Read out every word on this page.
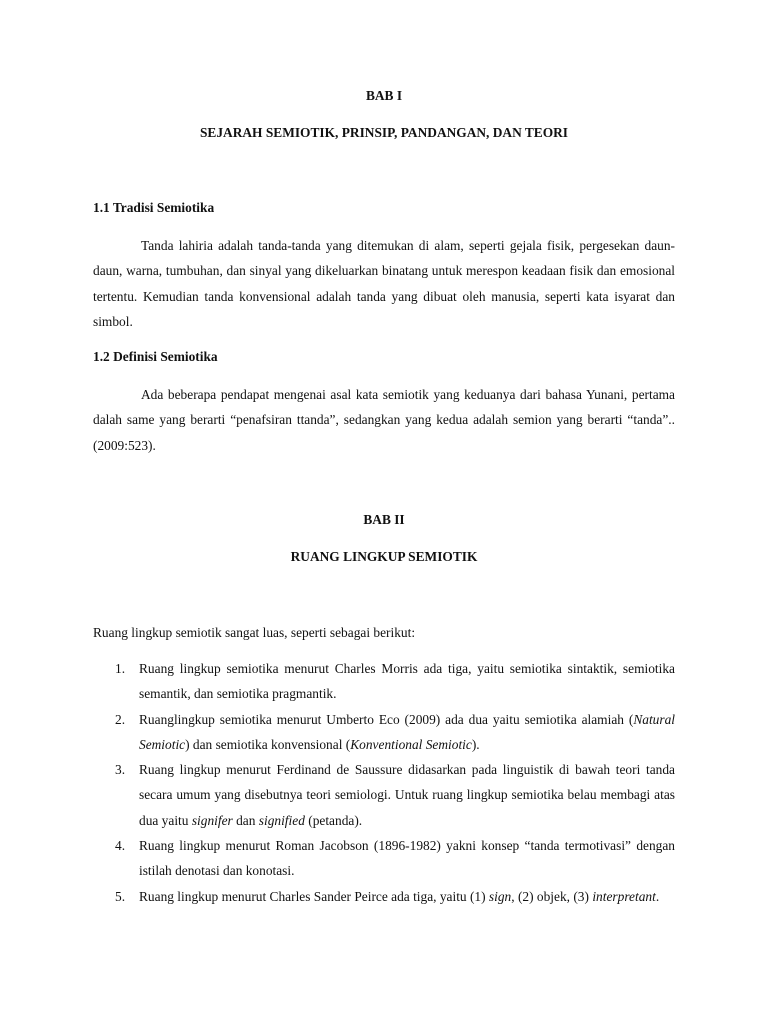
BAB I
SEJARAH SEMIOTIK, PRINSIP, PANDANGAN, DAN TEORI
1.1 Tradisi Semiotika
Tanda lahiria adalah tanda-tanda yang ditemukan di alam, seperti gejala fisik, pergesekan daun-daun, warna, tumbuhan, dan sinyal yang dikeluarkan binatang untuk merespon keadaan fisik dan emosional tertentu. Kemudian tanda konvensional adalah tanda yang dibuat oleh manusia, seperti kata isyarat dan simbol.
1.2 Definisi Semiotika
Ada beberapa pendapat mengenai asal kata semiotik yang keduanya dari bahasa Yunani, pertama dalah same yang berarti “penafsiran ttanda”, sedangkan yang kedua adalah semion yang berarti “tanda”..(2009:523).
BAB II
RUANG LINGKUP SEMIOTIK
Ruang lingkup semiotik sangat luas, seperti sebagai berikut:
1. Ruang lingkup semiotika menurut Charles Morris ada tiga, yaitu semiotika sintaktik, semiotika semantik, dan semiotika pragmantik.
2. Ruanglingkup semiotika menurut Umberto Eco (2009) ada dua yaitu semiotika alamiah (Natural Semiotic) dan semiotika konvensional (Konventional Semiotic).
3. Ruang lingkup menurut Ferdinand de Saussure didasarkan pada linguistik di bawah teori tanda secara umum yang disebutnya teori semiologi. Untuk ruang lingkup semiotika belau membagi atas dua yaitu signifer dan signified (petanda).
4. Ruang lingkup menurut Roman Jacobson (1896-1982) yakni konsep “tanda termotivasi” dengan istilah denotasi dan konotasi.
5. Ruang lingkup menurut Charles Sander Peirce ada tiga, yaitu (1) sign, (2) objek, (3) interpretant.
